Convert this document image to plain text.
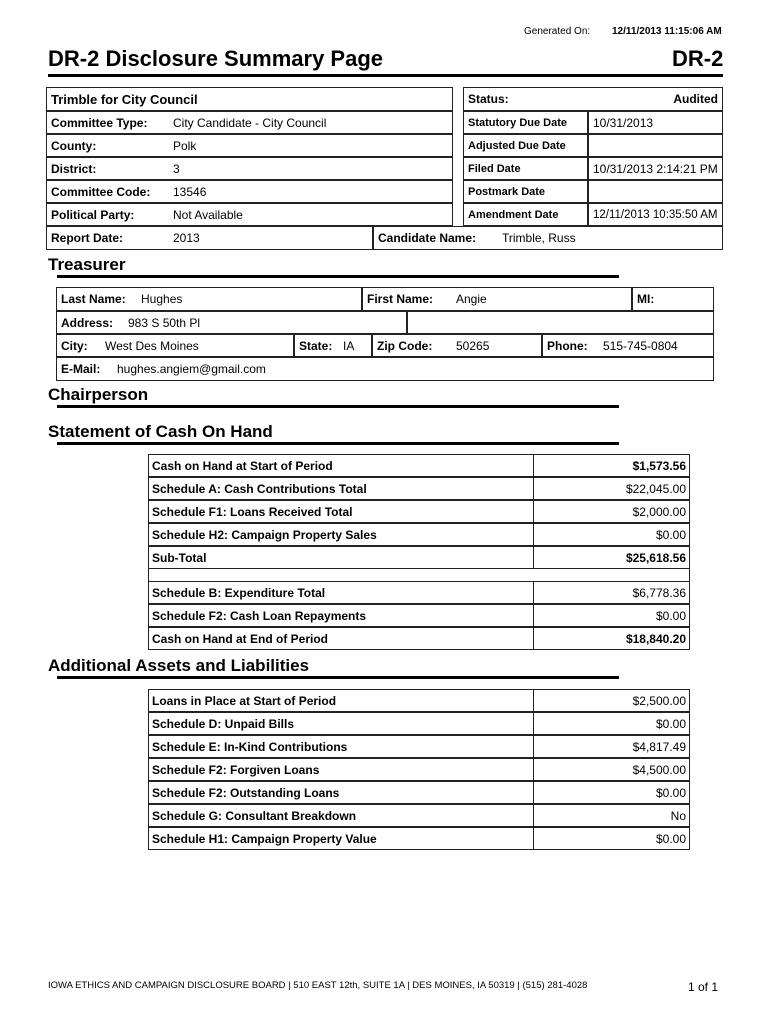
Generated On: 12/11/2013 11:15:06 AM
DR-2 Disclosure Summary Page	DR-2
Trimble for City Council
Committee Type:	City Candidate - City Council
County:	Polk
District:	3
Committee Code:	13546
Political Party:	Not Available
Report Date:	2013	Candidate Name:	Trimble, Russ
Status:	Audited
Statutory Due Date 10/31/2013
Adjusted Due Date
Filed Date	10/31/2013 2:14:21 PM
Postmark Date
Amendment Date	12/11/2013 10:35:50 AM
Treasurer
Last Name:	Hughes	First Name:	Angie	MI:
Address:	983 S 50th Pl
City:	West Des Moines	State: IA Zip Code:	50265	Phone:	515-745-0804
E-Mail:	hughes.angiem@gmail.com
Chairperson
Statement of Cash On Hand
Cash on Hand at Start of Period	$1,573.56
Schedule A: Cash Contributions Total	$22,045.00
Schedule F1: Loans Received Total	$2,000.00
Schedule H2: Campaign Property Sales	$0.00
Sub-Total	$25,618.56
Schedule B: Expenditure Total	$6,778.36
Schedule F2: Cash Loan Repayments	$0.00
Cash on Hand at End of Period	$18,840.20
Additional Assets and Liabilities
Loans in Place at Start of Period	$2,500.00
Schedule D: Unpaid Bills	$0.00
Schedule E: In-Kind Contributions	$4,817.49
Schedule F2: Forgiven Loans	$4,500.00
Schedule F2: Outstanding Loans	$0.00
Schedule G: Consultant Breakdown	No
Schedule H1: Campaign Property Value	$0.00
IOWA ETHICS AND CAMPAIGN DISCLOSURE BOARD | 510 EAST 12th, SUITE 1A | DES MOINES, IA 50319 | (515) 281-4028	1 of 1
